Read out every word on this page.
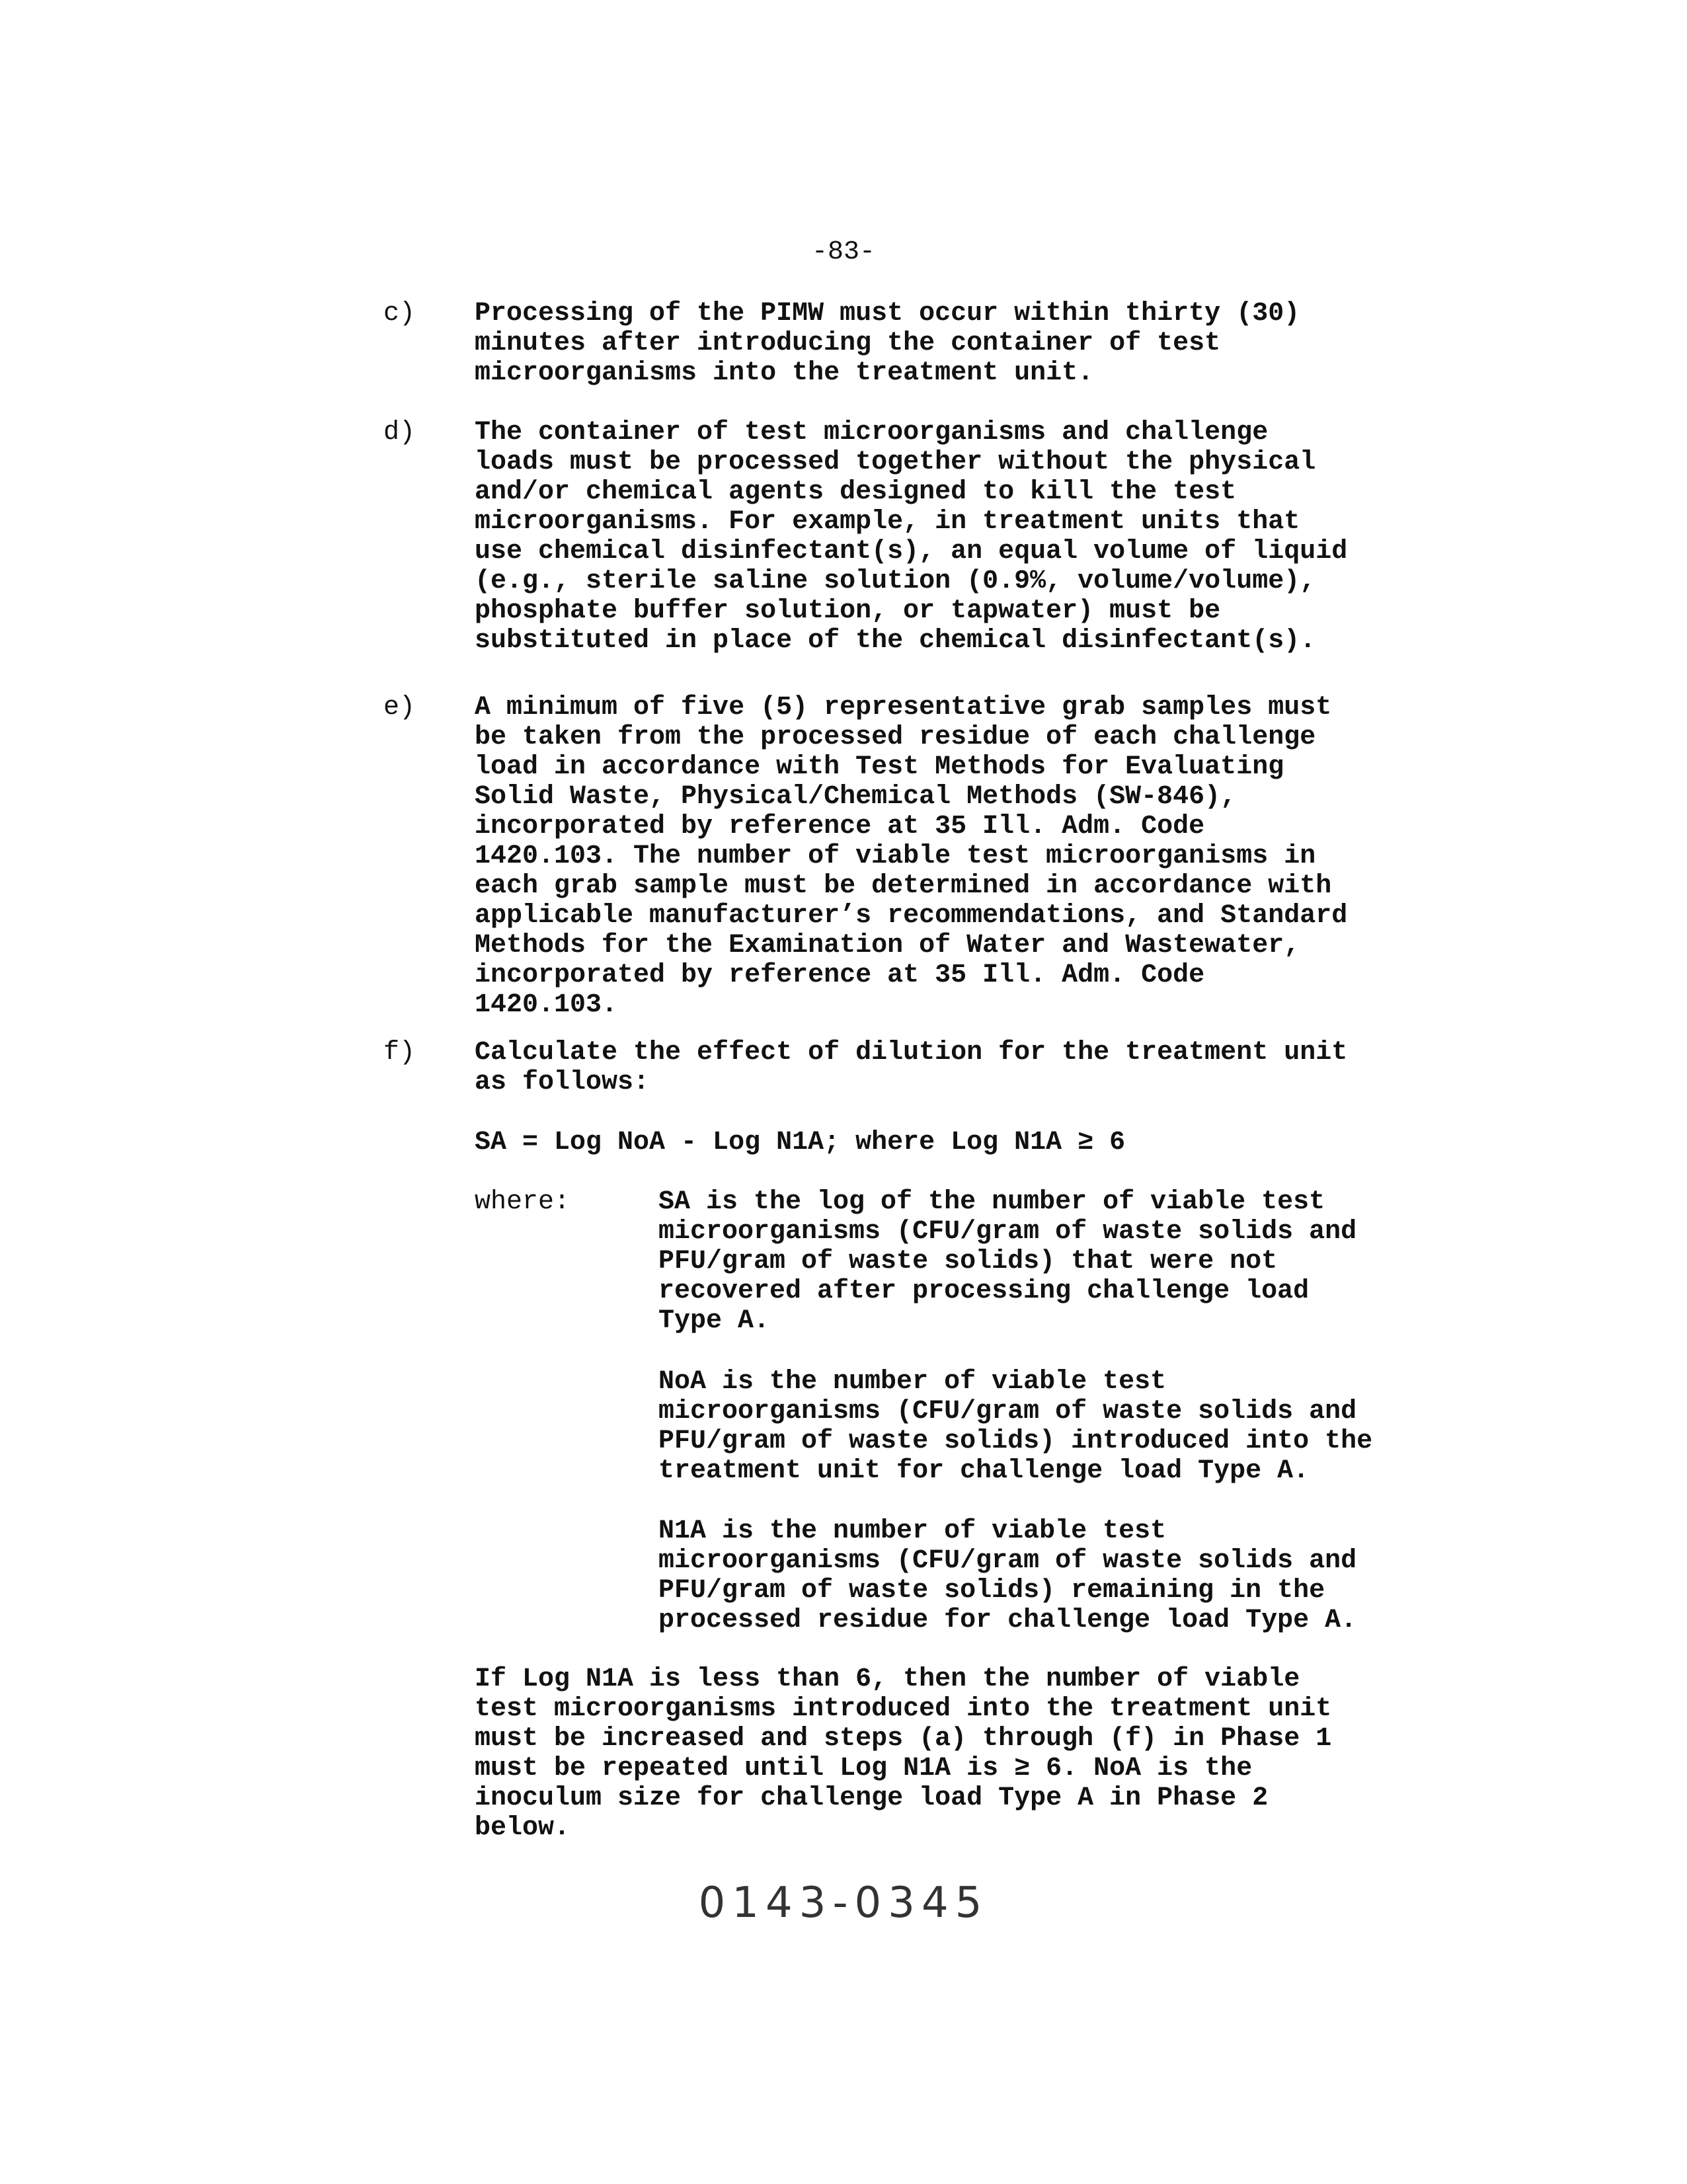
-83-
c) Processing of the PIMW must occur within thirty (30)
minutes after introducing the container of test
microorganisms into the treatment unit.
d) The container of test microorganisms and challenge
loads must be processed together without the physical
and/or chemical agents designed to kill the test
microorganisms. For example, in treatment units that
use chemical disinfectant(s), an equal volume of liquid
(e.g., sterile saline solution (0.9%, volume/volume),
phosphate buffer solution, or tapwater) must be
substituted in place of the chemical disinfectant(s).
e) A minimum of five (5) representative grab samples must
be taken from the processed residue of each challenge
load in accordance with Test Methods for Evaluating
Solid Waste, Physical/Chemical Methods (SW-846),
incorporated by reference at 35 Ill. Adm. Code
1420.103. The number of viable test microorganisms in
each grab sample must be determined in accordance with
applicable manufacturer’s recommendations, and Standard
Methods for the Examination of Water and Wastewater,
incorporated by reference at 35 Ill. Adm. Code
1420.103.
f) Calculate the effect of dilution for the treatment unit
as follows:
SA = Log NoA - Log N1A; where Log N1A ≥ 6
where:	SA is the log of the number of viable test
microorganisms (CFU/gram of waste solids and
PFU/gram of waste solids) that were not
recovered after processing challenge load
Type A.
NoA is the number of viable test
microorganisms (CFU/gram of waste solids and
PFU/gram of waste solids) introduced into the
treatment unit for challenge load Type A.
N1A is the number of viable test
microorganisms (CFU/gram of waste solids and
PFU/gram of waste solids) remaining in the
processed residue for challenge load Type A.
If Log N1A is less than 6, then the number of viable
test microorganisms introduced into the treatment unit
must be increased and steps (a) through (f) in Phase 1
must be repeated until Log N1A is ≥ 6. NoA is the
inoculum size for challenge load Type A in Phase 2
below.
0143-0345
